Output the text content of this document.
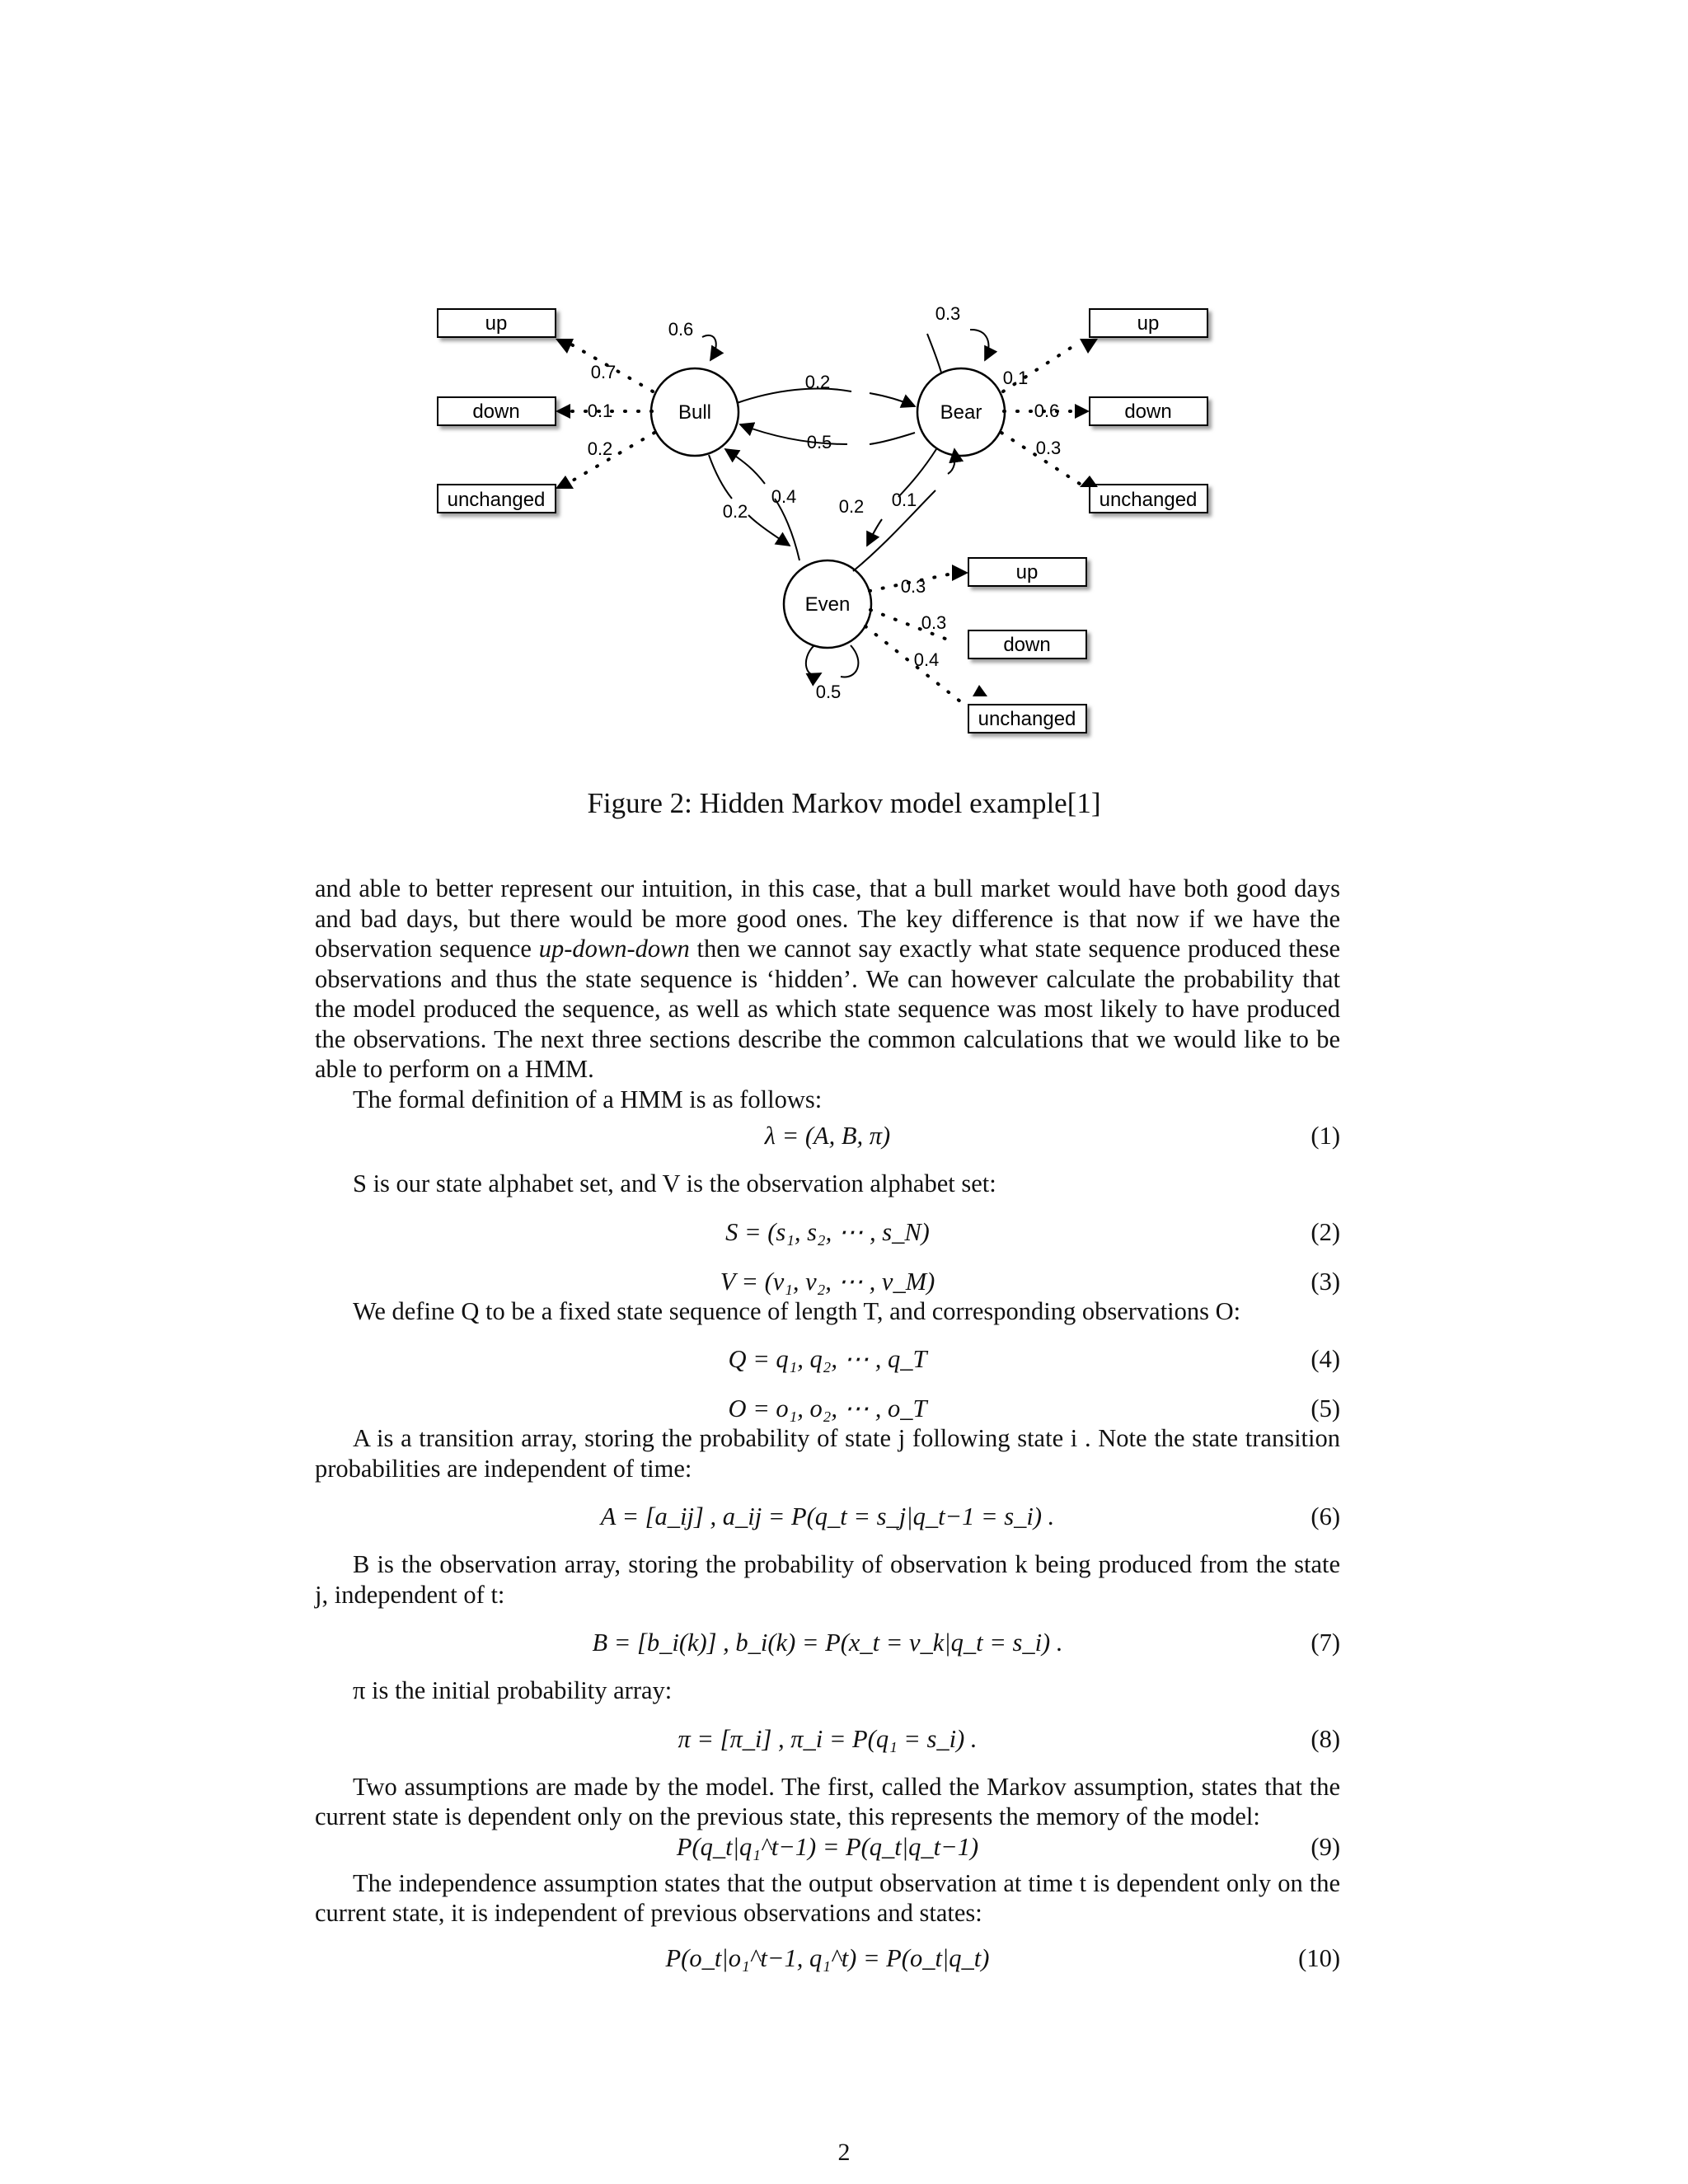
up
down
unchanged
up
down
unchanged
up
down
unchanged
Bull	Bear
Even
0.6
0.3
0.5
0.2
0.5
0.2
0.4 0.2 0.1
0.7
0.1
0.2
0.1
0.6
0.3
0.3
0.3
0.4
Figure 2: Hidden Markov model example[1]

and able to better represent our intuition, in this case, that a bull market would have both good days and bad days, but there would be more good ones. The key difference is that now if we have the observation sequence up-down-down then we cannot say exactly what state sequence produced these observations and thus the state sequence is ‘hidden’. We can however calculate the probability that the model produced the sequence, as well as which state sequence was most likely to have produced the observations. The next three sections describe the common calculations that we would like to be able to perform on a HMM.

The formal definition of a HMM is as follows:

λ = (A, B, π)	(1)

S is our state alphabet set, and V is the observation alphabet set:

S = (s₁, s₂, ⋯ , s_N)	(2)
V = (v₁, v₂, ⋯ , v_M)	(3)

We define Q to be a fixed state sequence of length T, and corresponding observations O:

Q = q₁, q₂, ⋯ , q_T	(4)
O = o₁, o₂, ⋯ , o_T	(5)

A is a transition array, storing the probability of state j following state i . Note the state transition probabilities are independent of time:

A = [a_ij] , a_ij = P(q_t = s_j|q_t−1 = s_i) .	(6)

B is the observation array, storing the probability of observation k being produced from the state j, independent of t:

B = [b_i(k)] , b_i(k) = P(x_t = v_k|q_t = s_i) .	(7)

π is the initial probability array:

π = [π_i] , π_i = P(q₁ = s_i) .	(8)

Two assumptions are made by the model. The first, called the Markov assumption, states that the current state is dependent only on the previous state, this represents the memory of the model:

P(q_t|q₁^t−1) = P(q_t|q_t−1)	(9)

The independence assumption states that the output observation at time t is dependent only on the current state, it is independent of previous observations and states:

P(o_t|o₁^t−1, q₁^t) = P(o_t|q_t)	(10)
2
